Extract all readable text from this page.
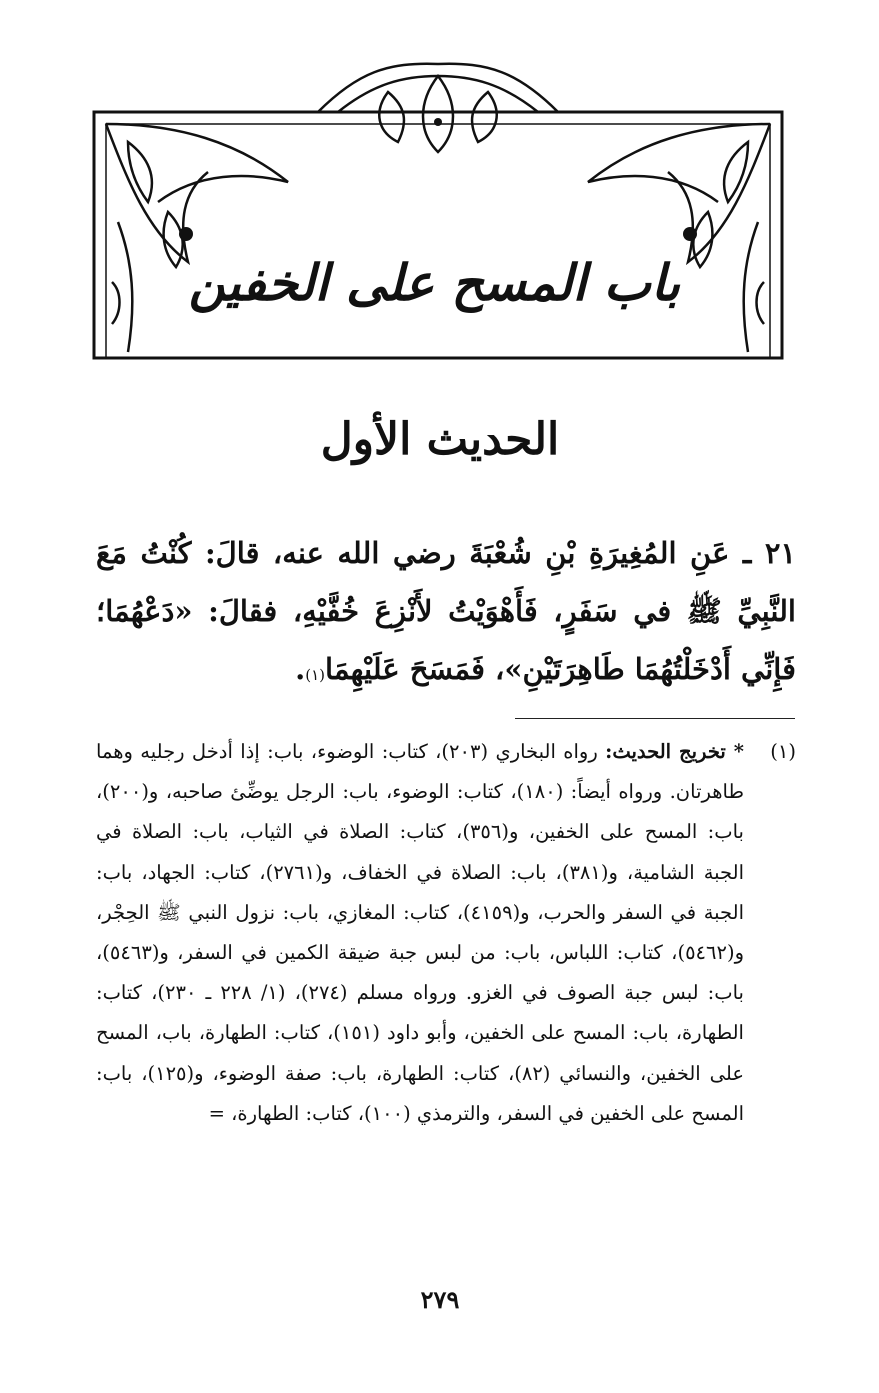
باب المسح على الخفين
الحديث الأول

٢١ ـ عَنِ المُغِيرَةِ بْنِ شُعْبَةَ رضي الله عنه، قالَ: كُنْتُ مَعَ النَّبِيِّ ﷺ في سَفَرٍ، فَأَهْوَيْتُ لأَنْزِعَ خُفَّيْهِ، فقالَ: «دَعْهُمَا؛ فَإِنِّي أَدْخَلْتُهُمَا طَاهِرَتَيْنِ»، فَمَسَحَ عَلَيْهِمَا$^{(١)}$.

(١)

* تخريج الحديث: رواه البخاري (٢٠٣)، كتاب: الوضوء، باب: إذا أدخل رجليه وهما طاهرتان. ورواه أيضاً: (١٨٠)، كتاب: الوضوء، باب: الرجل يوضِّئ صاحبه، و(٢٠٠)، باب: المسح على الخفين، و(٣٥٦)، كتاب: الصلاة في الثياب، باب: الصلاة في الجبة الشامية، و(٣٨١)، باب: الصلاة في الخفاف، و(٢٧٦١)، كتاب: الجهاد، باب: الجبة في السفر والحرب، و(٤١٥٩)، كتاب: المغازي، باب: نزول النبي ﷺ الحِجْر، و(٥٤٦٢)، كتاب: اللباس، باب: من لبس جبة ضيقة الكمين في السفر، و(٥٤٦٣)، باب: لبس جبة الصوف في الغزو. ورواه مسلم (٢٧٤)، (١/ ٢٢٨ ـ ٢٣٠)، كتاب: الطهارة، باب: المسح على الخفين، وأبو داود (١٥١)، كتاب: الطهارة، باب، المسح على الخفين، والنسائي (٨٢)، كتاب: الطهارة، باب: صفة الوضوء، و(١٢٥)، باب: المسح على الخفين في السفر، والترمذي (١٠٠)، كتاب: الطهارة، =

٢٧٩
